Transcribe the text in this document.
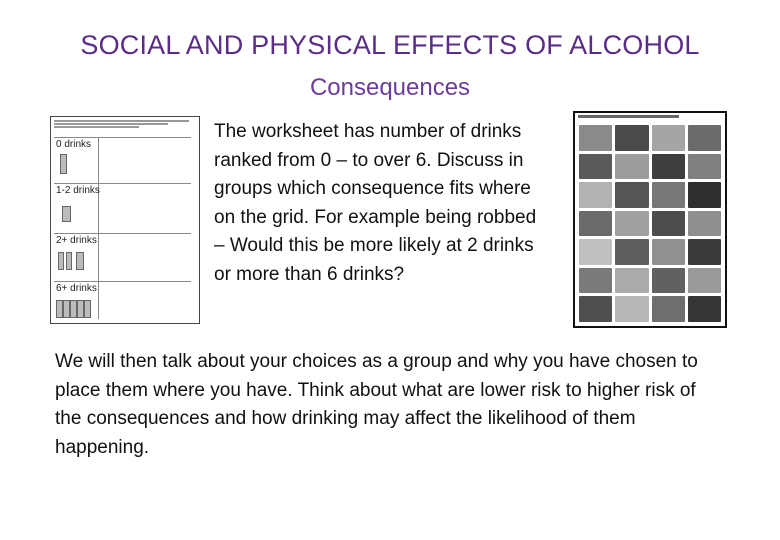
SOCIAL AND PHYSICAL EFFECTS OF ALCOHOL
Consequences
0 drinks
1-2 drinks
2+ drinks
6+ drinks
The worksheet has number of drinks ranked from 0 – to over 6. Discuss in groups which consequence fits where on the grid. For example being robbed – Would this be more likely at 2 drinks or more than 6 drinks?
We will then talk about your choices as a group and why you have chosen to place them where you have. Think about what are lower risk to higher risk of the consequences and how drinking may affect the likelihood of them happening.
